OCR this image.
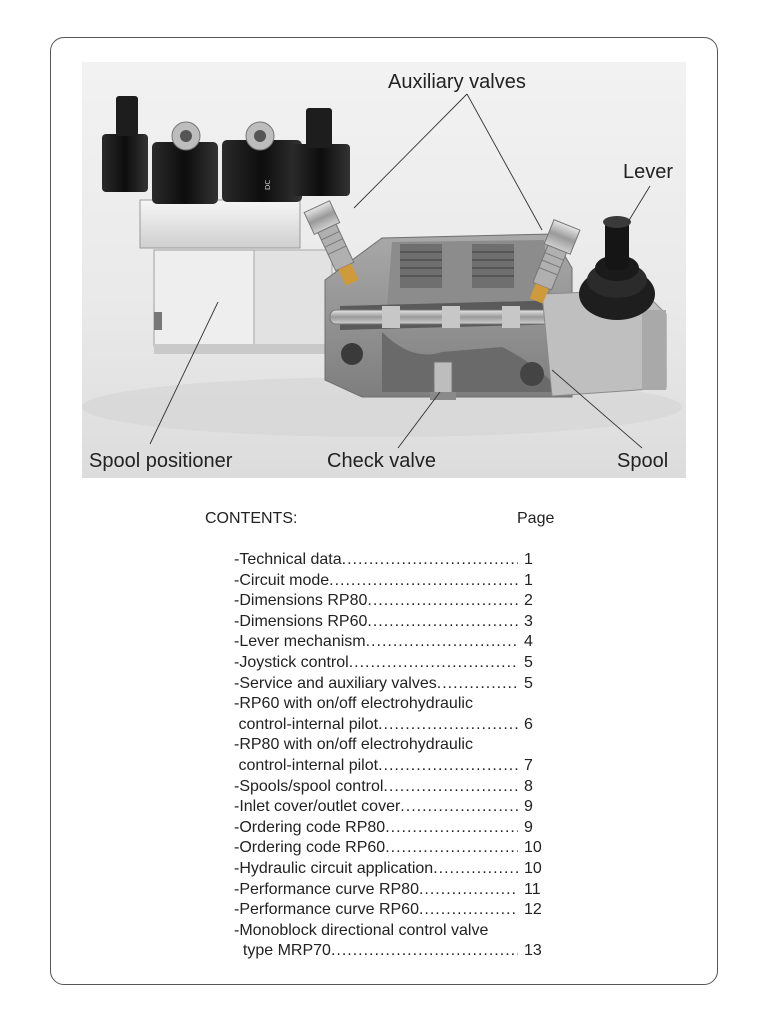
DC
Auxiliary valves
Lever
Spool positioner	Check valve	Spool
CONTENTS:	Page
-Technical data .....	1
-Circuit mode .....	1
-Dimensions RP80 .....	2
-Dimensions RP60 .....	3
-Lever mechanism .....	4
-Joystick control .....	5
-Service and auxiliary valves .....	5
-RP60 with on/off electrohydraulic
control-internal pilot .....	6
-RP80 with on/off electrohydraulic
control-internal pilot .....	7
-Spools/spool control .....	8
-Inlet cover/outlet cover .....	9
-Ordering code RP80 .....	9
-Ordering code RP60 .....	10
-Hydraulic circuit application .....	10
-Performance curve RP80 .....	11
-Performance curve RP60 .....	12
-Monoblock directional control valve
type MRP70 .....	13
